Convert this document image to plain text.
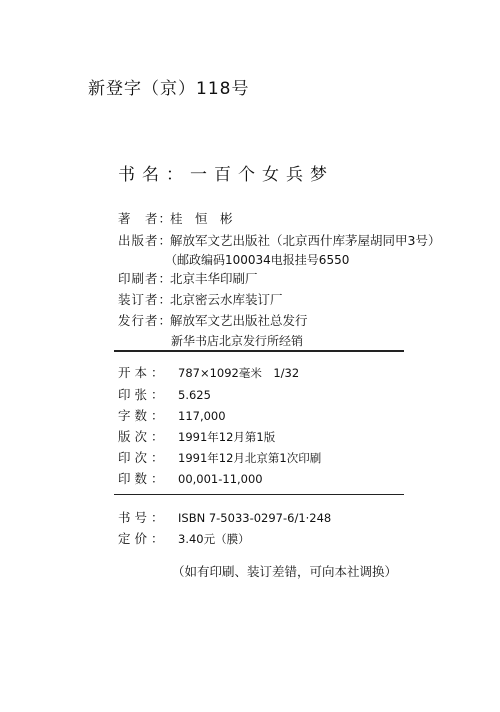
新登字（京）118号
书名：一百个女兵梦
著　者：桂　恒　彬
出版者：解放军文艺出版社（北京西什库茅屋胡同甲3号）
（邮政编码100034电报挂号6550
印刷者：北京丰华印刷厂
装订者：北京密云水库装订厂
发行者：解放军文艺出版社总发行
新华书店北京发行所经销
开本： 787×1092毫米　1/32
印张： 5.625
字数： 117,000
版次： 1991年12月第1版
印次： 1991年12月北京第1次印刷
印数： 00,001-11,000
书号： ISBN 7-5033-0297-6/1·248
定价： 3.40元（膜）
（如有印刷、装订差错，可向本社调换）
